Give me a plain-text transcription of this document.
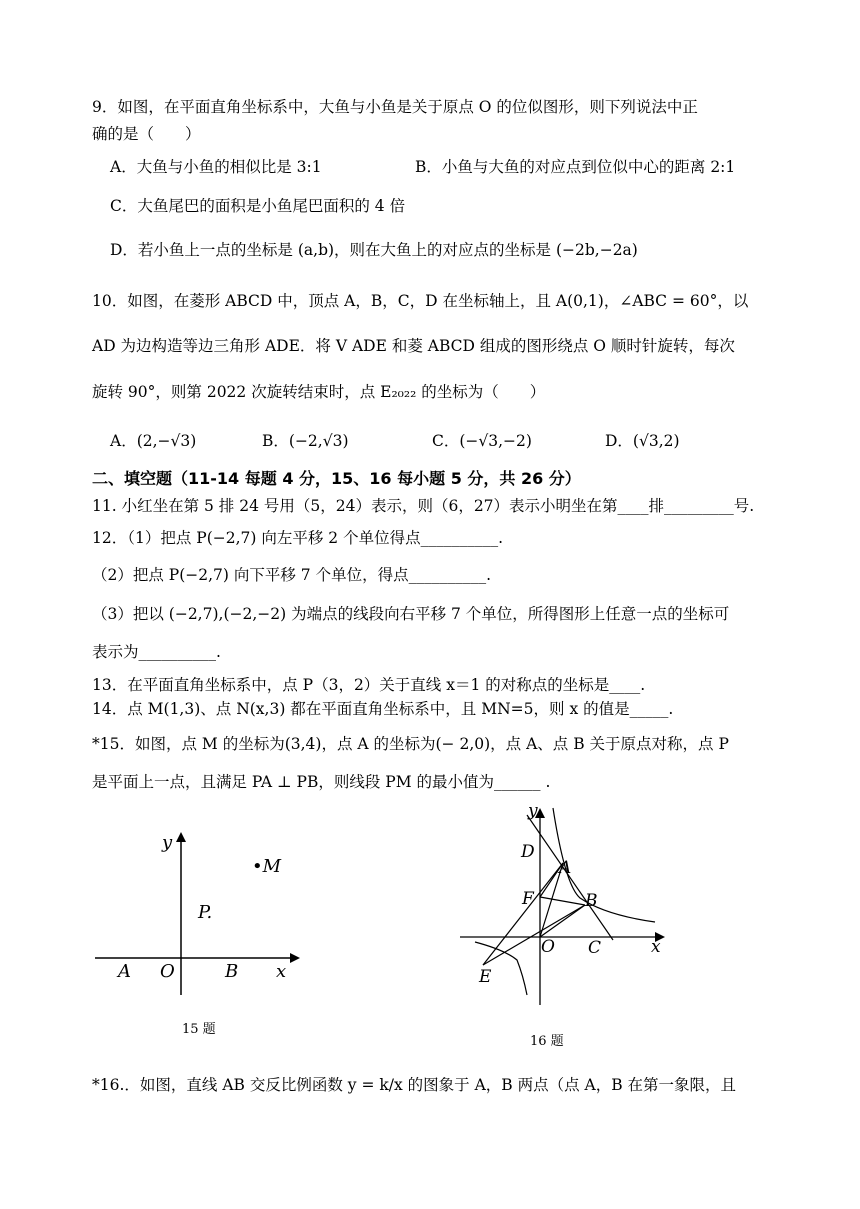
9．如图，在平面直角坐标系中，大鱼与小鱼是关于原点 O 的位似图形，则下列说法中正
确的是（　　）
A．大鱼与小鱼的相似比是 3:1	B．小鱼与大鱼的对应点到位似中心的距离 2:1
C．大鱼尾巴的面积是小鱼尾巴面积的 4 倍
D．若小鱼上一点的坐标是 (a,b)，则在大鱼上的对应点的坐标是 (−2b,−2a)
10．如图，在菱形 ABCD 中，顶点 A，B，C，D 在坐标轴上，且 A(0,1)，∠ABC = 60°，以
AD 为边构造等边三角形 ADE．将 V ADE 和菱 ABCD 组成的图形绕点 O 顺时针旋转，每次
旋转 90°，则第 2022 次旋转结束时，点 E₂₀₂₂ 的坐标为（　　）
A．(2,−√3)	B．(−2,√3)	C．(−√3,−2)	D．(√3,2)
二、填空题（11-14 每题 4 分，15、16 每小题 5 分，共 26 分）
11. 小红坐在第 5 排 24 号用（5，24）表示，则（6，27）表示小明坐在第____排_________号.
12．（1）把点 P(−2,7) 向左平移 2 个单位得点__________.
（2）把点 P(−2,7) 向下平移 7 个单位，得点__________.
（3）把以 (−2,7),(−2,−2) 为端点的线段向右平移 7 个单位，所得图形上任意一点的坐标可
表示为__________.
13．在平面直角坐标系中，点 P（3，2）关于直线 x＝1 的对称点的坐标是____.
14．点 M(1,3)、点 N(x,3) 都在平面直角坐标系中，且 MN=5，则 x 的值是_____.
*15．如图，点 M 的坐标为(3,4)，点 A 的坐标为(− 2,0)，点 A、点 B 关于原点对称，点 P
是平面上一点，且满足 PA ⊥ PB，则线段 PM 的最小值为______ .
y
•M
P.
A O	B x
15 题
y
D
A
F	B
O C	x
E
16 题
*16.．如图，直线 AB 交反比例函数 y = k/x 的图象于 A，B 两点（点 A，B 在第一象限，且
